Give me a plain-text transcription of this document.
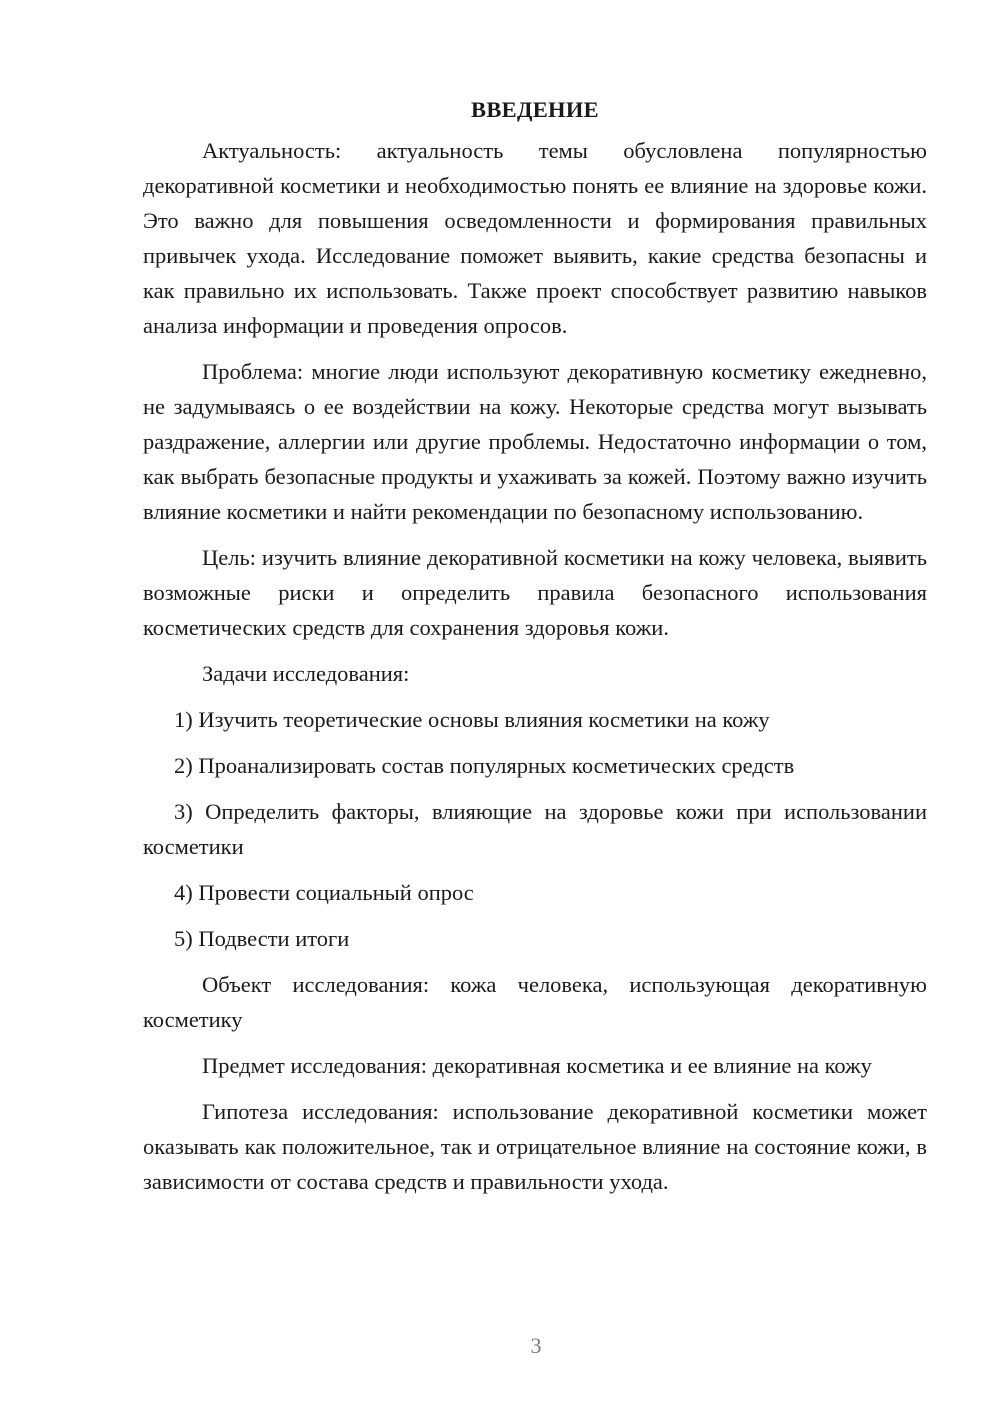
ВВЕДЕНИЕ

Актуальность: актуальность темы обусловлена популярностью декоративной косметики и необходимостью понять ее влияние на здоровье кожи. Это важно для повышения осведомленности и формирования правильных привычек ухода. Исследование поможет выявить, какие средства безопасны и как правильно их использовать. Также проект способствует развитию навыков анализа информации и проведения опросов.

Проблема: многие люди используют декоративную косметику ежедневно, не задумываясь о ее воздействии на кожу. Некоторые средства могут вызывать раздражение, аллергии или другие проблемы. Недостаточно информации о том, как выбрать безопасные продукты и ухаживать за кожей. Поэтому важно изучить влияние косметики и найти рекомендации по безопасному использованию.

Цель: изучить влияние декоративной косметики на кожу человека, выявить возможные риски и определить правила безопасного использования косметических средств для сохранения здоровья кожи.

Задачи исследования:

1) Изучить теоретические основы влияния косметики на кожу

2) Проанализировать состав популярных косметических средств

3) Определить факторы, влияющие на здоровье кожи при использовании косметики

4) Провести социальный опрос

5) Подвести итоги

Объект исследования: кожа человека, использующая декоративную косметику

Предмет исследования: декоративная косметика и ее влияние на кожу

Гипотеза исследования: использование декоративной косметики может оказывать как положительное, так и отрицательное влияние на состояние кожи, в зависимости от состава средств и правильности ухода.

3
